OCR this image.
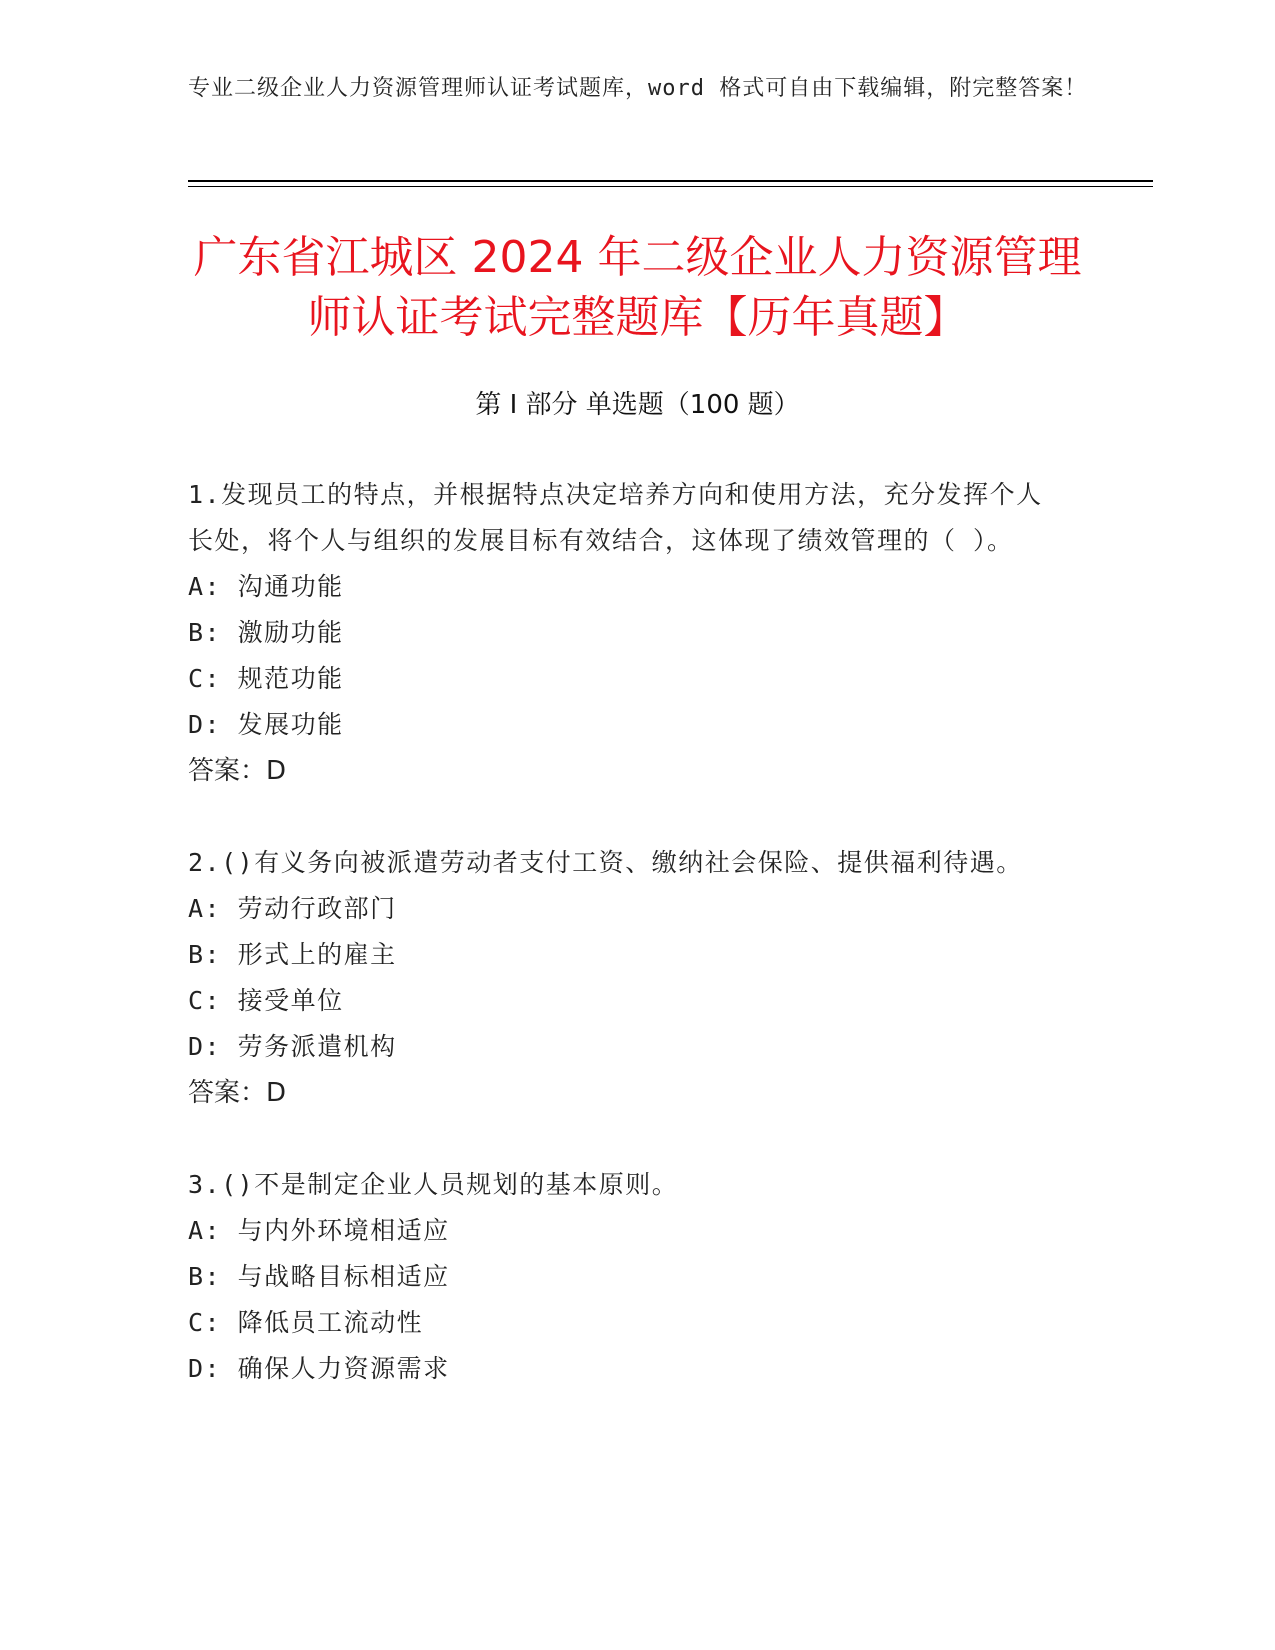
专业二级企业人力资源管理师认证考试题库，word 格式可自由下载编辑，附完整答案！
广东省江城区 2024 年二级企业人力资源管理
师认证考试完整题库【历年真题】
第 I 部分 单选题（100 题）

1.发现员工的特点，并根据特点决定培养方向和使用方法，充分发挥个人长处，将个人与组织的发展目标有效结合，这体现了绩效管理的（ ）。

A: 沟通功能

B: 激励功能

C: 规范功能

D: 发展功能

答案：D

2.()有义务向被派遣劳动者支付工资、缴纳社会保险、提供福利待遇。

A: 劳动行政部门

B: 形式上的雇主

C: 接受单位

D: 劳务派遣机构

答案：D

3.()不是制定企业人员规划的基本原则。

A: 与内外环境相适应

B: 与战略目标相适应

C: 降低员工流动性

D: 确保人力资源需求
